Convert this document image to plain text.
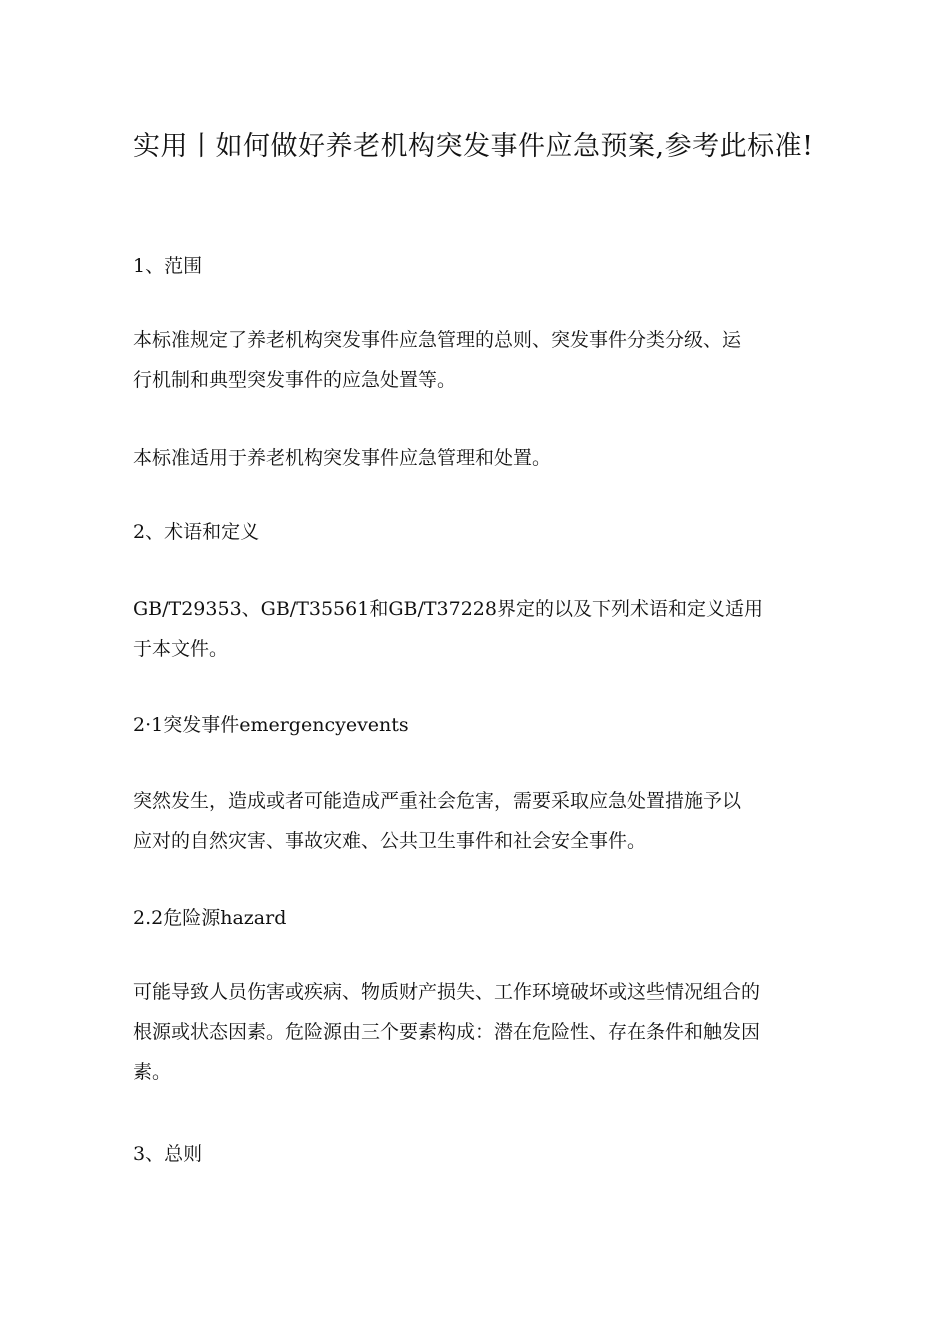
实用丨如何做好养老机构突发事件应急预案,参考此标准!

1、范围

本标准规定了养老机构突发事件应急管理的总则、突发事件分类分级、运
行机制和典型突发事件的应急处置等。

本标准适用于养老机构突发事件应急管理和处置。

2、术语和定义

GB/T29353、GB/T35561和GB/T37228界定的以及下列术语和定义适用
于本文件。

2·1突发事件emergencyevents

突然发生，造成或者可能造成严重社会危害，需要采取应急处置措施予以
应对的自然灾害、事故灾难、公共卫生事件和社会安全事件。

2.2危险源hazard

可能导致人员伤害或疾病、物质财产损失、工作环境破坏或这些情况组合的
根源或状态因素。危险源由三个要素构成：潜在危险性、存在条件和触发因
素。

3、总则
